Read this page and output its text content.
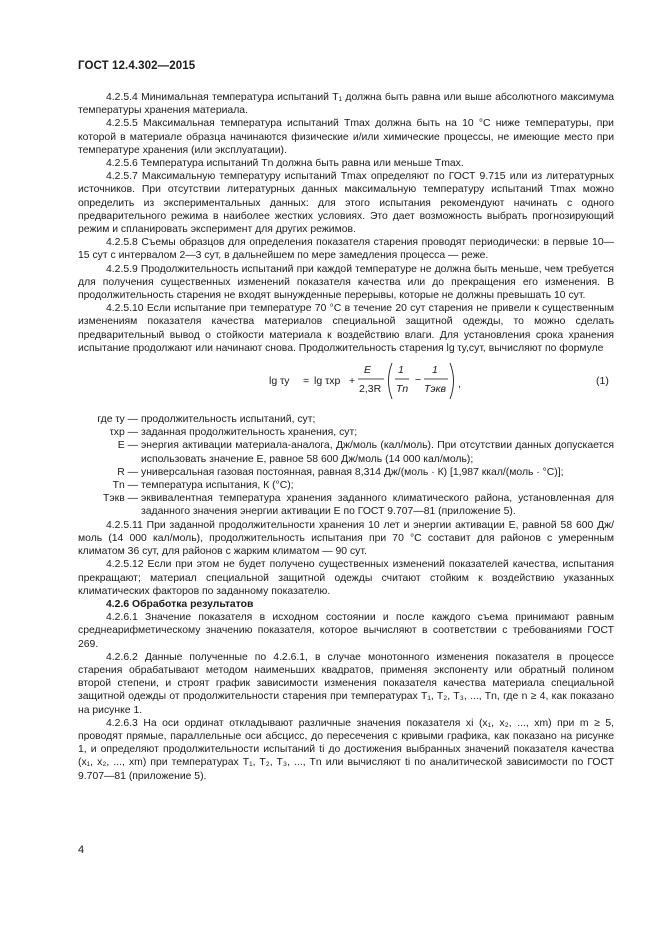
ГОСТ 12.4.302—2015

4.2.5.4 Минимальная температура испытаний T₁ должна быть равна или выше абсолютного максимума температуры хранения материала.

4.2.5.5 Максимальная температура испытаний Tmax должна быть на 10 °С ниже температуры, при которой в материале образца начинаются физические и/или химические процессы, не имеющие место при температуре хранения (или эксплуатации).

4.2.5.6 Температура испытаний Tn должна быть равна или меньше Tmax.

4.2.5.7 Максимальную температуру испытаний Tmax определяют по ГОСТ 9.715 или из литературных источников. При отсутствии литературных данных максимальную температуру испытаний Tmax можно определить из экспериментальных данных: для этого испытания рекомендуют начинать с одного предварительного режима в наиболее жестких условиях. Это дает возможность выбрать прогнозирующий режим и спланировать эксперимент для других режимов.

4.2.5.8 Съемы образцов для определения показателя старения проводят периодически: в первые 10—15 сут с интервалом 2—3 сут, в дальнейшем по мере замедления процесса — реже.

4.2.5.9 Продолжительность испытаний при каждой температуре не должна быть меньше, чем требуется для получения существенных изменений показателя качества или до прекращения его изменения. В продолжительность старения не входят вынужденные перерывы, которые не должны превышать 10 сут.

4.2.5.10 Если испытание при температуре 70 °С в течение 20 сут старения не привели к существенным изменениям показателя качества материалов специальной защитной одежды, то можно сделать предварительный вывод о стойкости материала к воздействию влаги. Для установления срока хранения испытание продолжают или начинают снова. Продолжительность старения lg τy,сут, вычисляют по формуле

lg τy = lg τxp +
E
2,3R
1
Tn
−
1
Tэкв ,	(1)
где τy — продолжительность испытаний, сут;
τxp — заданная продолжительность хранения, сут;
E — энергия активации материала-аналога, Дж/моль (кал/моль). При отсутствии данных допускается использовать значение E, равное 58 600 Дж/моль (14 000 кал/моль);
R — универсальная газовая постоянная, равная 8,314 Дж/(моль · К) [1,987 ккал/(моль · °С)];
Tn — температура испытания, К (°С);
Tэкв — эквивалентная температура хранения заданного климатического района, установленная для заданного значения энергии активации E по ГОСТ 9.707—81 (приложение 5).

4.2.5.11 При заданной продолжительности хранения 10 лет и энергии активации E, равной 58 600 Дж/моль (14 000 кал/моль), продолжительность испытания при 70 °С составит для районов с умеренным климатом 36 сут, для районов с жарким климатом — 90 сут.

4.2.5.12 Если при этом не будет получено существенных изменений показателей качества, испытания прекращают; материал специальной защитной одежды считают стойким к воздействию указанных климатических факторов по заданному показателю.

4.2.6 Обработка результатов

4.2.6.1 Значение показателя в исходном состоянии и после каждого съема принимают равным среднеарифметическому значению показателя, которое вычисляют в соответствии с требованиями ГОСТ 269.

4.2.6.2 Данные полученные по 4.2.6.1, в случае монотонного изменения показателя в процессе старения обрабатывают методом наименьших квадратов, применяя экспоненту или обратный полином второй степени, и строят график зависимости изменения показателя качества материала специальной защитной одежды от продолжительности старения при температурах T₁, T₂, T₃, ..., Tn, где n ≥ 4, как показано на рисунке 1.

4.2.6.3 На оси ординат откладывают различные значения показателя xi (x₁, x₂, ..., xm) при m ≥ 5, проводят прямые, параллельные оси абсцисс, до пересечения с кривыми графика, как показано на рисунке 1, и определяют продолжительности испытаний ti до достижения выбранных значений показателя качества (x₁, x₂, ..., xm) при температурах T₁, T₂, T₃, ..., Tn или вычисляют ti по аналитической зависимости по ГОСТ 9.707—81 (приложение 5).

4
